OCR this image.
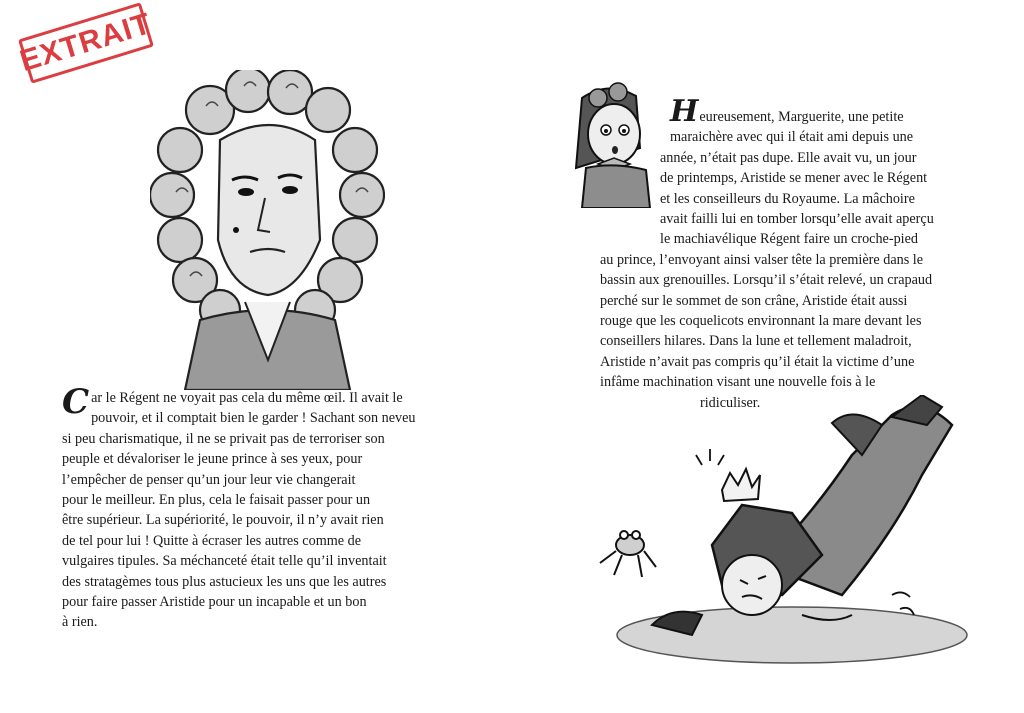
EXTRAIT
C ar le Régent ne voyait pas cela du même œil. Il avait le
pouvoir, et il comptait bien le garder ! Sachant son neveu
si peu charismatique, il ne se privait pas de terroriser son
peuple et dévaloriser le jeune prince à ses yeux, pour
l’empêcher de penser qu’un jour leur vie changerait
pour le meilleur. En plus, cela le faisait passer pour un
être supérieur. La supériorité, le pouvoir, il n’y avait rien
de tel pour lui ! Quitte à écraser les autres comme de
vulgaires tipules. Sa méchanceté était telle qu’il inventait
des stratagèmes tous plus astucieux les uns que les autres
pour faire passer Aristide pour un incapable et un bon
à rien.
Heureusement, Marguerite, une petite
maraichère avec qui il était ami depuis une
année, n’était pas dupe. Elle avait vu, un jour
de printemps, Aristide se mener avec le Régent
et les conseilleurs du Royaume. La mâchoire
avait failli lui en tomber lorsqu’elle avait aperçu
le machiavélique Régent faire un croche-pied
au prince, l’envoyant ainsi valser tête la première dans le
bassin aux grenouilles. Lorsqu’il s’était relevé, un crapaud
perché sur le sommet de son crâne, Aristide était aussi
rouge que les coquelicots environnant la mare devant les
conseillers hilares. Dans la lune et tellement maladroit,
Aristide n’avait pas compris qu’il était la victime d’une
infâme machination visant une nouvelle fois à le
ridiculiser.
